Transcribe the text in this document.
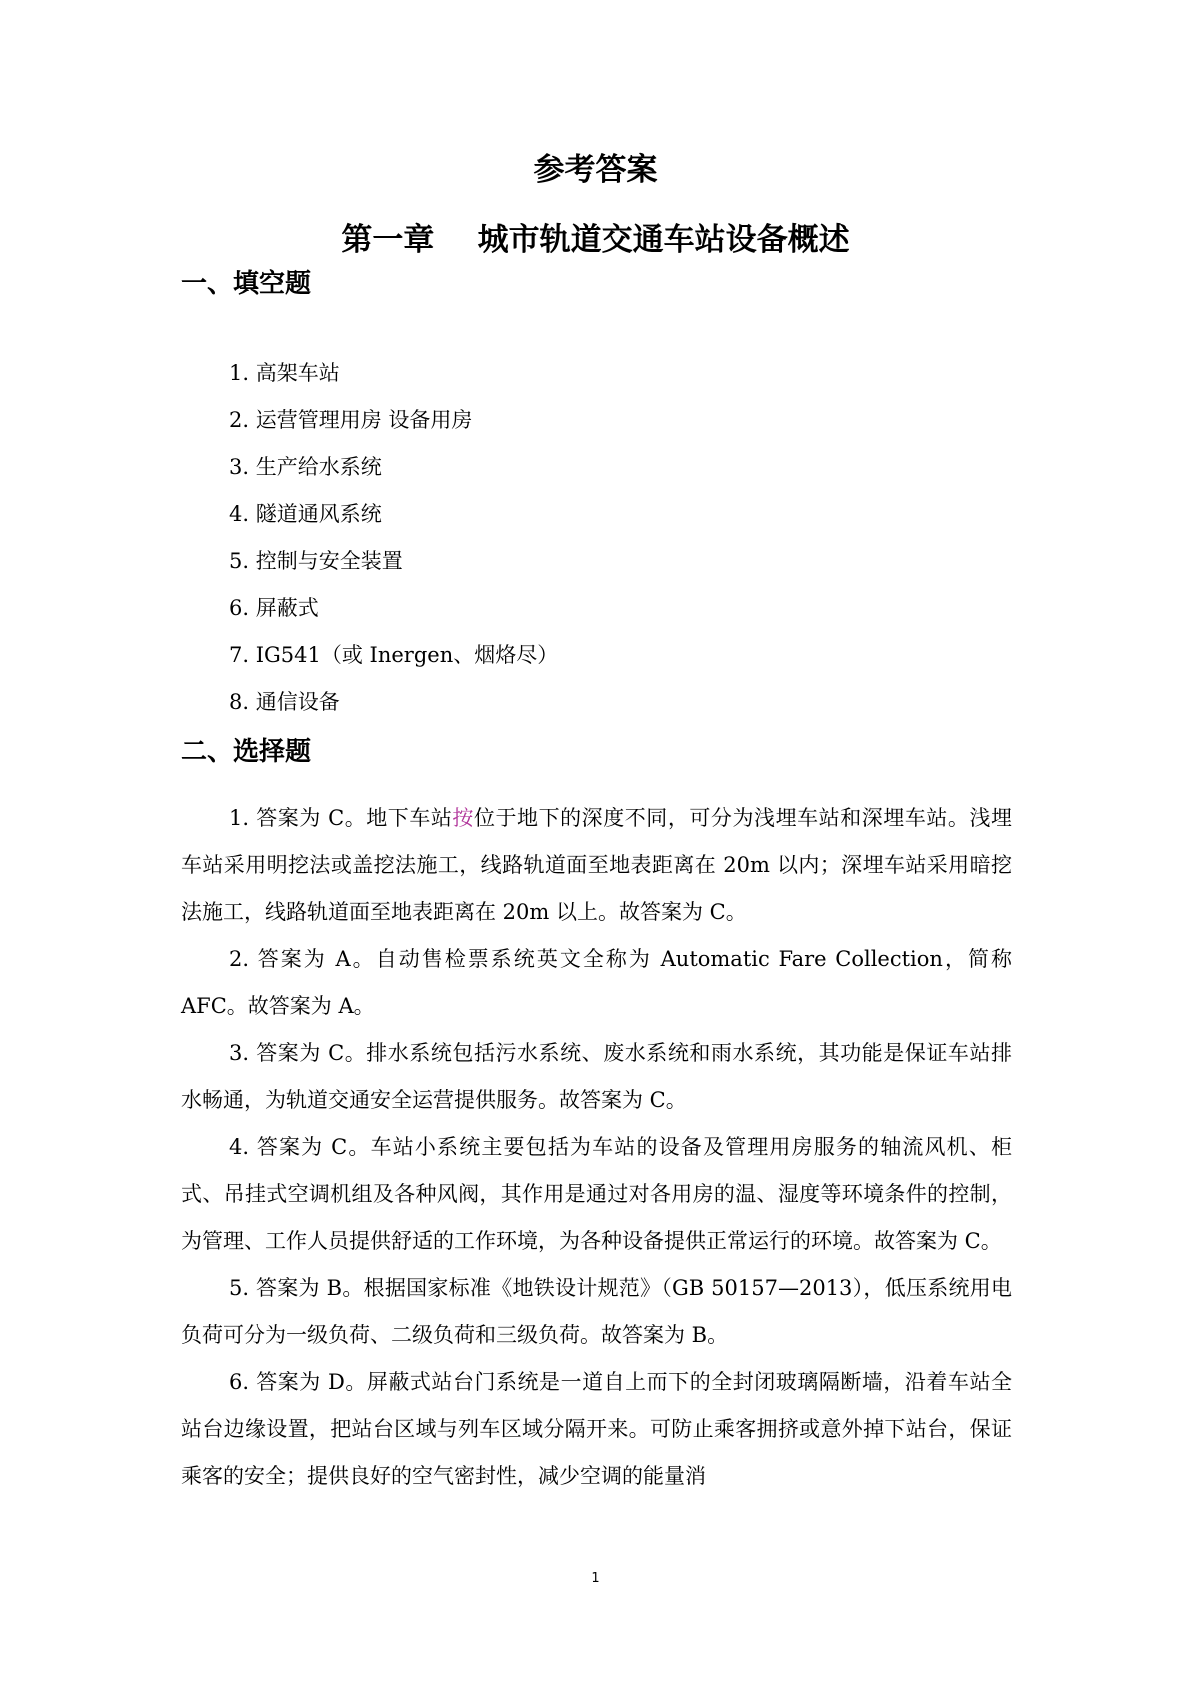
参考答案
第一章    城市轨道交通车站设备概述
一、填空题
1. 高架车站
2. 运营管理用房 设备用房
3. 生产给水系统
4. 隧道通风系统
5. 控制与安全装置
6. 屏蔽式
7. IG541（或 Inergen、烟烙尽）
8. 通信设备
二、选择题

1. 答案为 C。地下车站按位于地下的深度不同，可分为浅埋车站和深埋车站。浅埋车站采用明挖法或盖挖法施工，线路轨道面至地表距离在 20m 以内；深埋车站采用暗挖法施工，线路轨道面至地表距离在 20m 以上。故答案为 C。

2. 答案为 A。自动售检票系统英文全称为 Automatic Fare Collection，简称 AFC。故答案为 A。

3. 答案为 C。排水系统包括污水系统、废水系统和雨水系统，其功能是保证车站排水畅通，为轨道交通安全运营提供服务。故答案为 C。

4. 答案为 C。车站小系统主要包括为车站的设备及管理用房服务的轴流风机、柜式、吊挂式空调机组及各种风阀，其作用是通过对各用房的温、湿度等环境条件的控制，为管理、工作人员提供舒适的工作环境，为各种设备提供正常运行的环境。故答案为 C。

5. 答案为 B。根据国家标准《地铁设计规范》（GB 50157—2013），低压系统用电负荷可分为一级负荷、二级负荷和三级负荷。故答案为 B。

6. 答案为 D。屏蔽式站台门系统是一道自上而下的全封闭玻璃隔断墙，沿着车站全站台边缘设置，把站台区域与列车区域分隔开来。可防止乘客拥挤或意外掉下站台，保证乘客的安全；提供良好的空气密封性，减少空调的能量消

1
